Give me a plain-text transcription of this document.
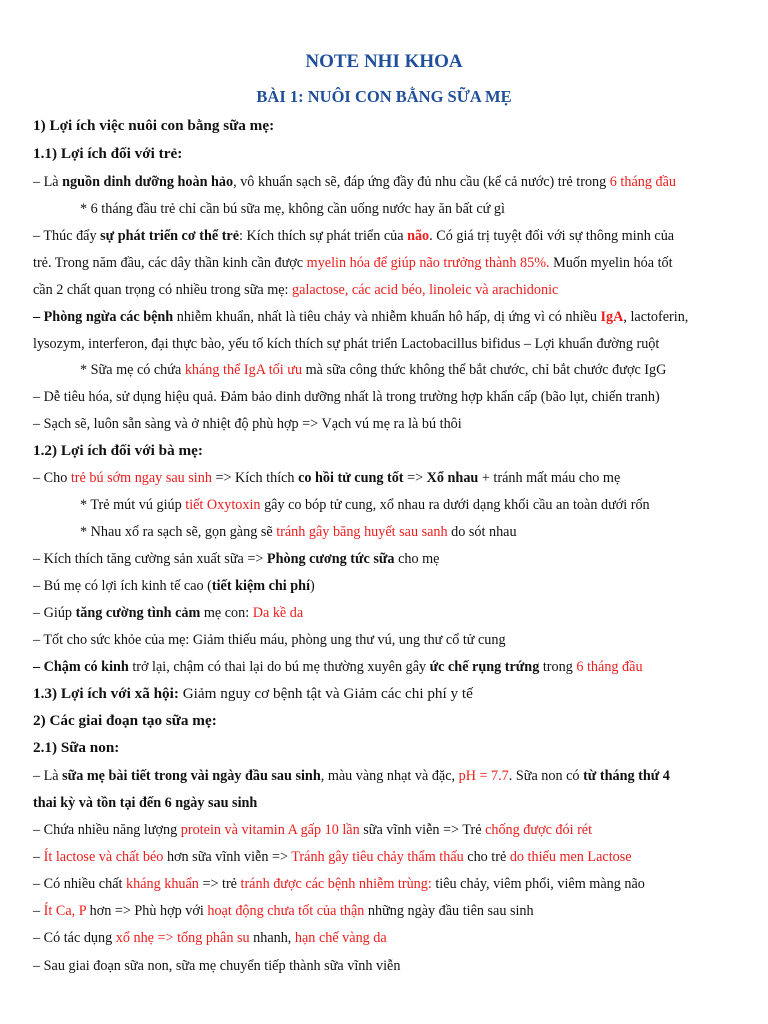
NOTE NHI KHOA
BÀI 1: NUÔI CON BẰNG SỮA MẸ
1) Lợi ích việc nuôi con bằng sữa mẹ:
1.1) Lợi ích đối với trẻ:
– Là nguồn dinh dưỡng hoàn hảo, vô khuẩn sạch sẽ, đáp ứng đầy đủ nhu cầu (kể cả nước) trẻ trong 6 tháng đầu
* 6 tháng đầu trẻ chỉ cần bú sữa mẹ, không cần uống nước hay ăn bất cứ gì
– Thúc đẩy sự phát triển cơ thể trẻ: Kích thích sự phát triển của não. Có giá trị tuyệt đối với sự thông minh của
trẻ. Trong năm đầu, các dây thần kinh cần được myelin hóa để giúp não trưởng thành 85%. Muốn myelin hóa tốt
cần 2 chất quan trọng có nhiều trong sữa mẹ: galactose, các acid béo, linoleic và arachidonic
– Phòng ngừa các bệnh nhiễm khuẩn, nhất là tiêu chảy và nhiễm khuẩn hô hấp, dị ứng vì có nhiều IgA, lactoferin,
lysozym, interferon, đại thực bào, yếu tố kích thích sự phát triển Lactobacillus bifidus – Lợi khuẩn đường ruột
* Sữa mẹ có chứa kháng thể IgA tối ưu mà sữa công thức không thể bắt chước, chỉ bắt chước được IgG
– Dễ tiêu hóa, sử dụng hiệu quả. Đảm bảo dinh dưỡng nhất là trong trường hợp khẩn cấp (bão lụt, chiến tranh)
– Sạch sẽ, luôn sẵn sàng và ở nhiệt độ phù hợp => Vạch vú mẹ ra là bú thôi
1.2) Lợi ích đối với bà mẹ:
– Cho trẻ bú sớm ngay sau sinh => Kích thích co hồi tử cung tốt => Xổ nhau + tránh mất máu cho mẹ
* Trẻ mút vú giúp tiết Oxytoxin gây co bóp tử cung, xổ nhau ra dưới dạng khối cầu an toàn dưới rốn
* Nhau xổ ra sạch sẽ, gọn gàng sẽ tránh gây băng huyết sau sanh do sót nhau
– Kích thích tăng cường sản xuất sữa => Phòng cương tức sữa cho mẹ
– Bú mẹ có lợi ích kinh tế cao (tiết kiệm chi phí)
– Giúp tăng cường tình cảm mẹ con: Da kề da
– Tốt cho sức khỏe của mẹ: Giảm thiếu máu, phòng ung thư vú, ung thư cổ tử cung
– Chậm có kinh trở lại, chậm có thai lại do bú mẹ thường xuyên gây ức chế rụng trứng trong 6 tháng đầu
1.3) Lợi ích với xã hội: Giảm nguy cơ bệnh tật và Giảm các chi phí y tế
2) Các giai đoạn tạo sữa mẹ:
2.1) Sữa non:
– Là sữa mẹ bài tiết trong vài ngày đầu sau sinh, màu vàng nhạt và đặc, pH = 7.7. Sữa non có từ tháng thứ 4
thai kỳ và tồn tại đến 6 ngày sau sinh
– Chứa nhiều năng lượng protein và vitamin A gấp 10 lần sữa vĩnh viễn => Trẻ chống được đói rét
– Ít lactose và chất béo hơn sữa vĩnh viễn => Tránh gây tiêu chảy thẩm thấu cho trẻ do thiếu men Lactose
– Có nhiều chất kháng khuẩn => trẻ tránh được các bệnh nhiễm trùng: tiêu chảy, viêm phổi, viêm màng não
– Ít Ca, P hơn => Phù hợp với hoạt động chưa tốt của thận những ngày đầu tiên sau sinh
– Có tác dụng xổ nhẹ => tống phân su nhanh, hạn chế vàng da
– Sau giai đoạn sữa non, sữa mẹ chuyển tiếp thành sữa vĩnh viễn
